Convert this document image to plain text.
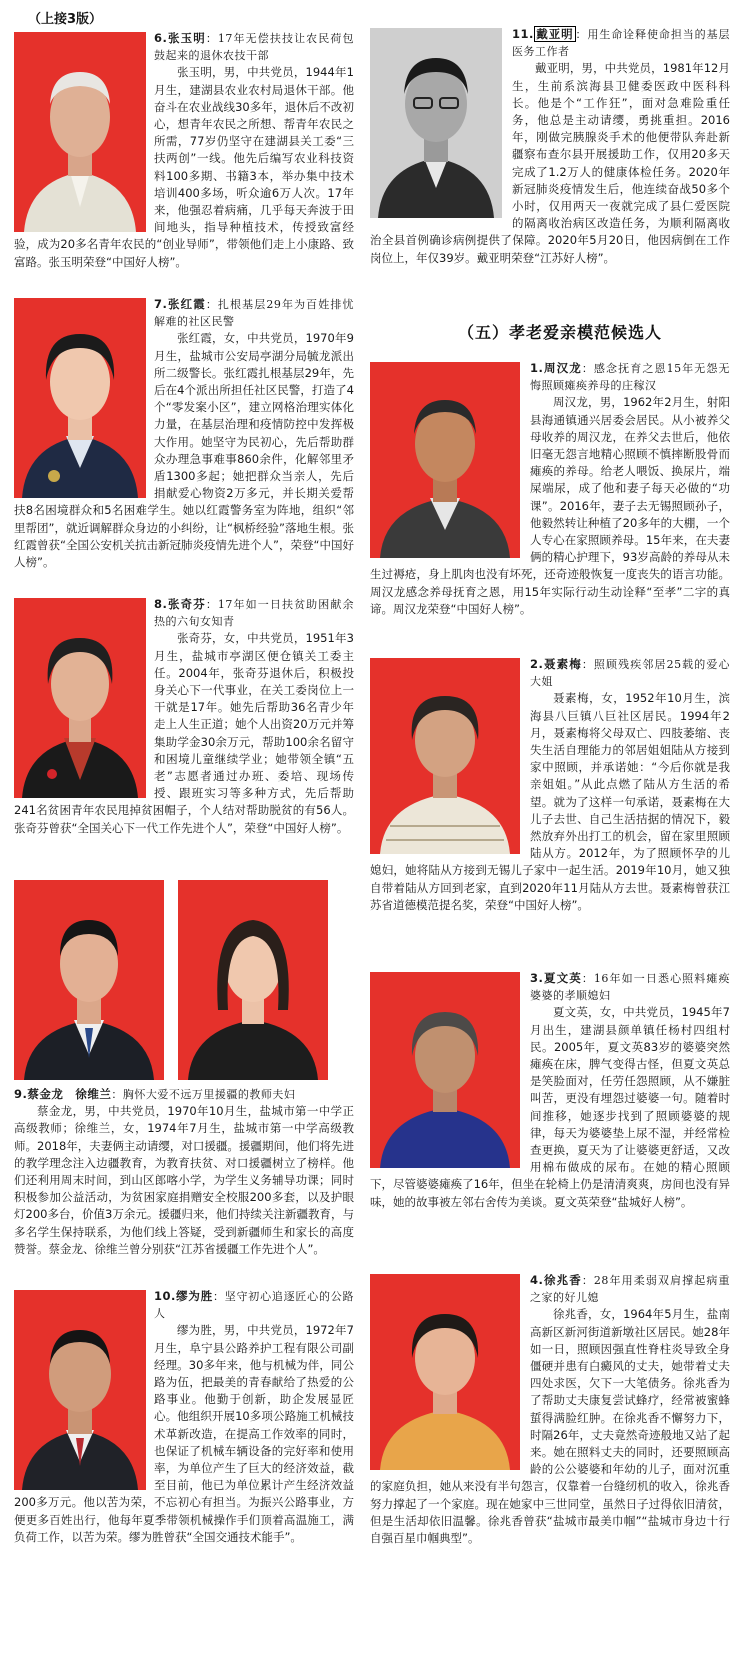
（上接3版）
6.张玉明：17年无偿扶技让农民荷包鼓起来的退休农技干部
张玉明，男，中共党员，1944年1月生，建湖县农业农村局退休干部。他奋斗在农业战线30多年，退休后不改初心，想青年农民之所想、帮青年农民之所需，77岁仍坚守在建湖县关工委“三扶两创”一线。他先后编写农业科技资料100多期、书籍3本，举办集中技术培训400多场，听众逾6万人次。17年来，他强忍着病痛，几乎每天奔波于田间地头，指导种植技术，传授致富经验，成为20多名青年农民的“创业导师”，带领他们走上小康路、致富路。张玉明荣登“中国好人榜”。
7.张红霞：扎根基层29年为百姓排忧解难的社区民警
张红霞，女，中共党员，1970年9月生，盐城市公安局亭湖分局毓龙派出所二级警长。张红霞扎根基层29年，先后在4个派出所担任社区民警，打造了4个“零发案小区”，建立网格治理实体化力量，在基层治理和疫情防控中发挥极大作用。她坚守为民初心，先后帮助群众办理急事难事860余件，化解邻里矛盾1300多起；她把群众当亲人，先后捐献爱心物资2万多元，并长期关爱帮扶8名困境群众和5名困难学生。她以红霞警务室为阵地，组织“邻里帮团”，就近调解群众身边的小纠纷，让“枫桥经验”落地生根。张红霞曾获“全国公安机关抗击新冠肺炎疫情先进个人”，荣登“中国好人榜”。
8.张奇芬：17年如一日扶贫助困献余热的六旬女知青
张奇芬，女，中共党员，1951年3月生，盐城市亭湖区便仓镇关工委主任。2004年，张奇芬退休后，积极投身关心下一代事业，在关工委岗位上一干就是17年。她先后帮助36名青少年走上人生正道；她个人出资20万元并筹集助学金30余万元，帮助100余名留守和困境儿童继续学业；她带领全镇“五老”志愿者通过办班、委培、现场传授、跟班实习等多种方式，先后帮助241名贫困青年农民甩掉贫困帽子，个人结对帮助脱贫的有56人。张奇芬曾获“全国关心下一代工作先进个人”，荣登“中国好人榜”。
9.蔡金龙　徐维兰：胸怀大爱不远万里援疆的教师夫妇
蔡金龙，男，中共党员，1970年10月生，盐城市第一中学正高级教师；徐维兰，女，1974年7月生，盐城市第一中学高级教师。2018年，夫妻俩主动请缨，对口援疆。援疆期间，他们将先进的教学理念注入边疆教育，为教育扶贫、对口援疆树立了榜样。他们还利用周末时间，到山区郎喀小学，为学生义务辅导功课；同时积极参加公益活动，为贫困家庭捐赠安全校服200多套，以及护眼灯200多台，价值3万余元。援疆归来，他们持续关注新疆教育，与多名学生保持联系，为他们线上答疑，受到新疆师生和家长的高度赞誉。蔡金龙、徐维兰曾分别获“江苏省援疆工作先进个人”。
10.缪为胜：坚守初心追逐匠心的公路人
缪为胜，男，中共党员，1972年7月生，阜宁县公路养护工程有限公司副经理。30多年来，他与机械为伴，同公路为伍，把最美的青春献给了热爱的公路事业。他勤于创新，助企发展显匠心。他组织开展10多项公路施工机械技术革新改造，在提高工作效率的同时，也保证了机械车辆设备的完好率和使用率，为单位产生了巨大的经济效益，截至目前，他已为单位累计产生经济效益200多万元。他以苦为荣，不忘初心有担当。为振兴公路事业，方便更多百姓出行，他每年夏季带领机械操作手们顶着高温施工，满负荷工作，以苦为荣。缪为胜曾获“全国交通技术能手”。
11. 戴亚明 ：用生命诠释使命担当的基层医务工作者
戴亚明，男，中共党员，1981年12月生，生前系滨海县卫健委医政中医科科长。他是个“工作狂”，面对急难险重任务，他总是主动请缨，勇挑重担。2016年，刚做完胰腺炎手术的他便带队奔赴新疆察布查尔县开展援助工作，仅用20多天完成了1.2万人的健康体检任务。2020年新冠肺炎疫情发生后，他连续奋战50多个小时，仅用两天一夜就完成了县仁爱医院的隔离收治病区改造任务，为顺利隔离收治全县首例确诊病例提供了保障。2020年5月20日，他因病倒在工作岗位上，年仅39岁。戴亚明荣登“江苏好人榜”。
（五）孝老爱亲模范候选人
1.周汉龙：感念抚育之恩15年无怨无悔照顾瘫痪养母的庄稼汉
周汉龙，男，1962年2月生，射阳县海通镇通兴居委会居民。从小被养父母收养的周汉龙，在养父去世后，他依旧毫无怨言地精心照顾不慎摔断股骨而瘫痪的养母。给老人喂饭、换尿片，端屎端尿，成了他和妻子每天必做的“功课”。2016年，妻子去无锡照顾孙子，他毅然转让种植了20多年的大棚，一个人专心在家照顾养母。15年来，在夫妻俩的精心护理下，93岁高龄的养母从未生过褥疮，身上肌肉也没有坏死，还奇迹般恢复一度丧失的语言功能。周汉龙感念养母抚育之恩，用15年实际行动生动诠释“至孝”二字的真谛。周汉龙荣登“中国好人榜”。
2.聂素梅：照顾残疾邻居25载的爱心大姐
聂素梅，女，1952年10月生，滨海县八巨镇八巨社区居民。1994年2月，聂素梅将父母双亡、四肢萎缩、丧失生活自理能力的邻居姐姐陆从方接到家中照顾，并承诺她：“今后你就是我亲姐姐。”从此点燃了陆从方生活的希望。就为了这样一句承诺，聂素梅在大儿子去世、自己生活拮据的情况下，毅然放弃外出打工的机会，留在家里照顾陆从方。2012年，为了照顾怀孕的儿媳妇，她将陆从方接到无锡儿子家中一起生活。2019年10月，她又独自带着陆从方回到老家，直到2020年11月陆从方去世。聂素梅曾获江苏省道德模范提名奖，荣登“中国好人榜”。
3.夏文英：16年如一日悉心照料瘫痪婆婆的孝顺媳妇
夏文英，女，中共党员，1945年7月出生，建湖县颜单镇任杨村四组村民。2005年，夏文英83岁的婆婆突然瘫痪在床，脾气变得古怪，但夏文英总是笑脸面对，任劳任怨照顾，从不嫌脏叫苦，更没有埋怨过婆婆一句。随着时间推移，她逐步找到了照顾婆婆的规律，每天为婆婆垫上尿不湿，并经常检查更换，夏天为了让婆婆更舒适，又改用棉布做成的尿布。在她的精心照顾下，尽管婆婆瘫痪了16年，但坐在轮椅上仍是清清爽爽，房间也没有异味，她的故事被左邻右舍传为美谈。夏文英荣登“盐城好人榜”。
4.徐兆香：28年用柔弱双肩撑起病重之家的好儿媳
徐兆香，女，1964年5月生，盐南高新区新河街道新墩社区居民。她28年如一日，照顾因强直性脊柱炎导致全身僵硬并患有白癜风的丈夫，她带着丈夫四处求医，欠下一大笔债务。徐兆香为了帮助丈夫康复尝试蜂疗，经常被蜜蜂蜇得满脸红肿。在徐兆香不懈努力下，时隔26年，丈夫竟然奇迹般地又站了起来。她在照料丈夫的同时，还要照顾高龄的公公婆婆和年幼的儿子，面对沉重的家庭负担，她从来没有半句怨言，仅靠着一台缝纫机的收入，徐兆香努力撑起了一个家庭。现在她家中三世同堂，虽然日子过得依旧清贫，但是生活却依旧温馨。徐兆香曾获“盐城市最美巾帼”“盐城市身边十行自强百星巾帼典型”。
